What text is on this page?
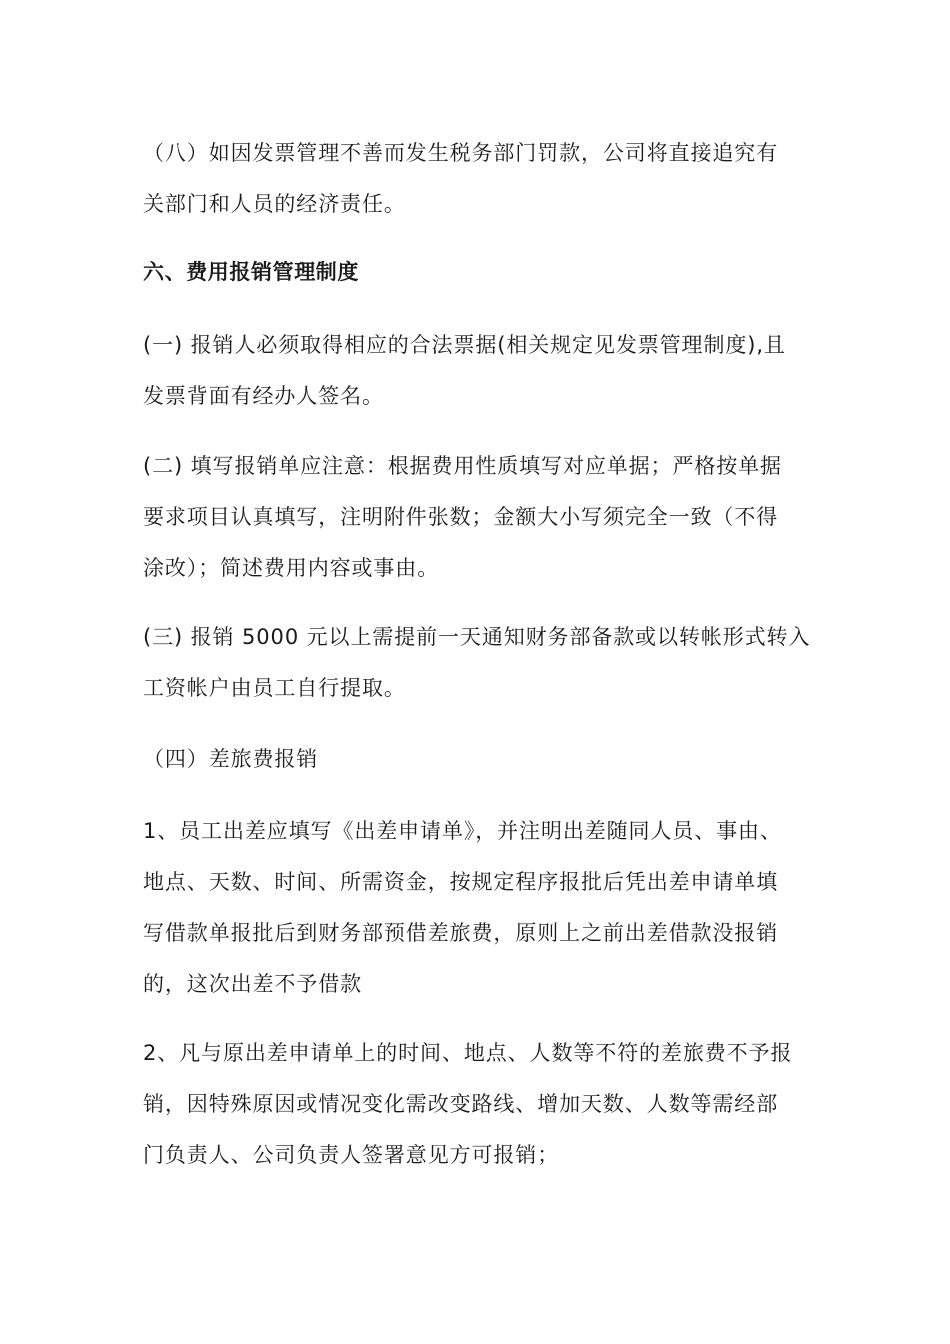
（八）如因发票管理不善而发生税务部门罚款，公司将直接追究有
关部门和人员的经济责任。

六、费用报销管理制度

(一) 报销人必须取得相应的合法票据(相关规定见发票管理制度),且
发票背面有经办人签名。

(二) 填写报销单应注意：根据费用性质填写对应单据；严格按单据
要求项目认真填写，注明附件张数；金额大小写须完全一致（不得
涂改）；简述费用内容或事由。

(三) 报销 5000 元以上需提前一天通知财务部备款或以转帐形式转入
工资帐户由员工自行提取。

（四）差旅费报销

1、员工出差应填写《出差申请单》，并注明出差随同人员、事由、
地点、天数、时间、所需资金，按规定程序报批后凭出差申请单填
写借款单报批后到财务部预借差旅费，原则上之前出差借款没报销
的，这次出差不予借款

2、凡与原出差申请单上的时间、地点、人数等不符的差旅费不予报
销，因特殊原因或情况变化需改变路线、增加天数、人数等需经部
门负责人、公司负责人签署意见方可报销；
